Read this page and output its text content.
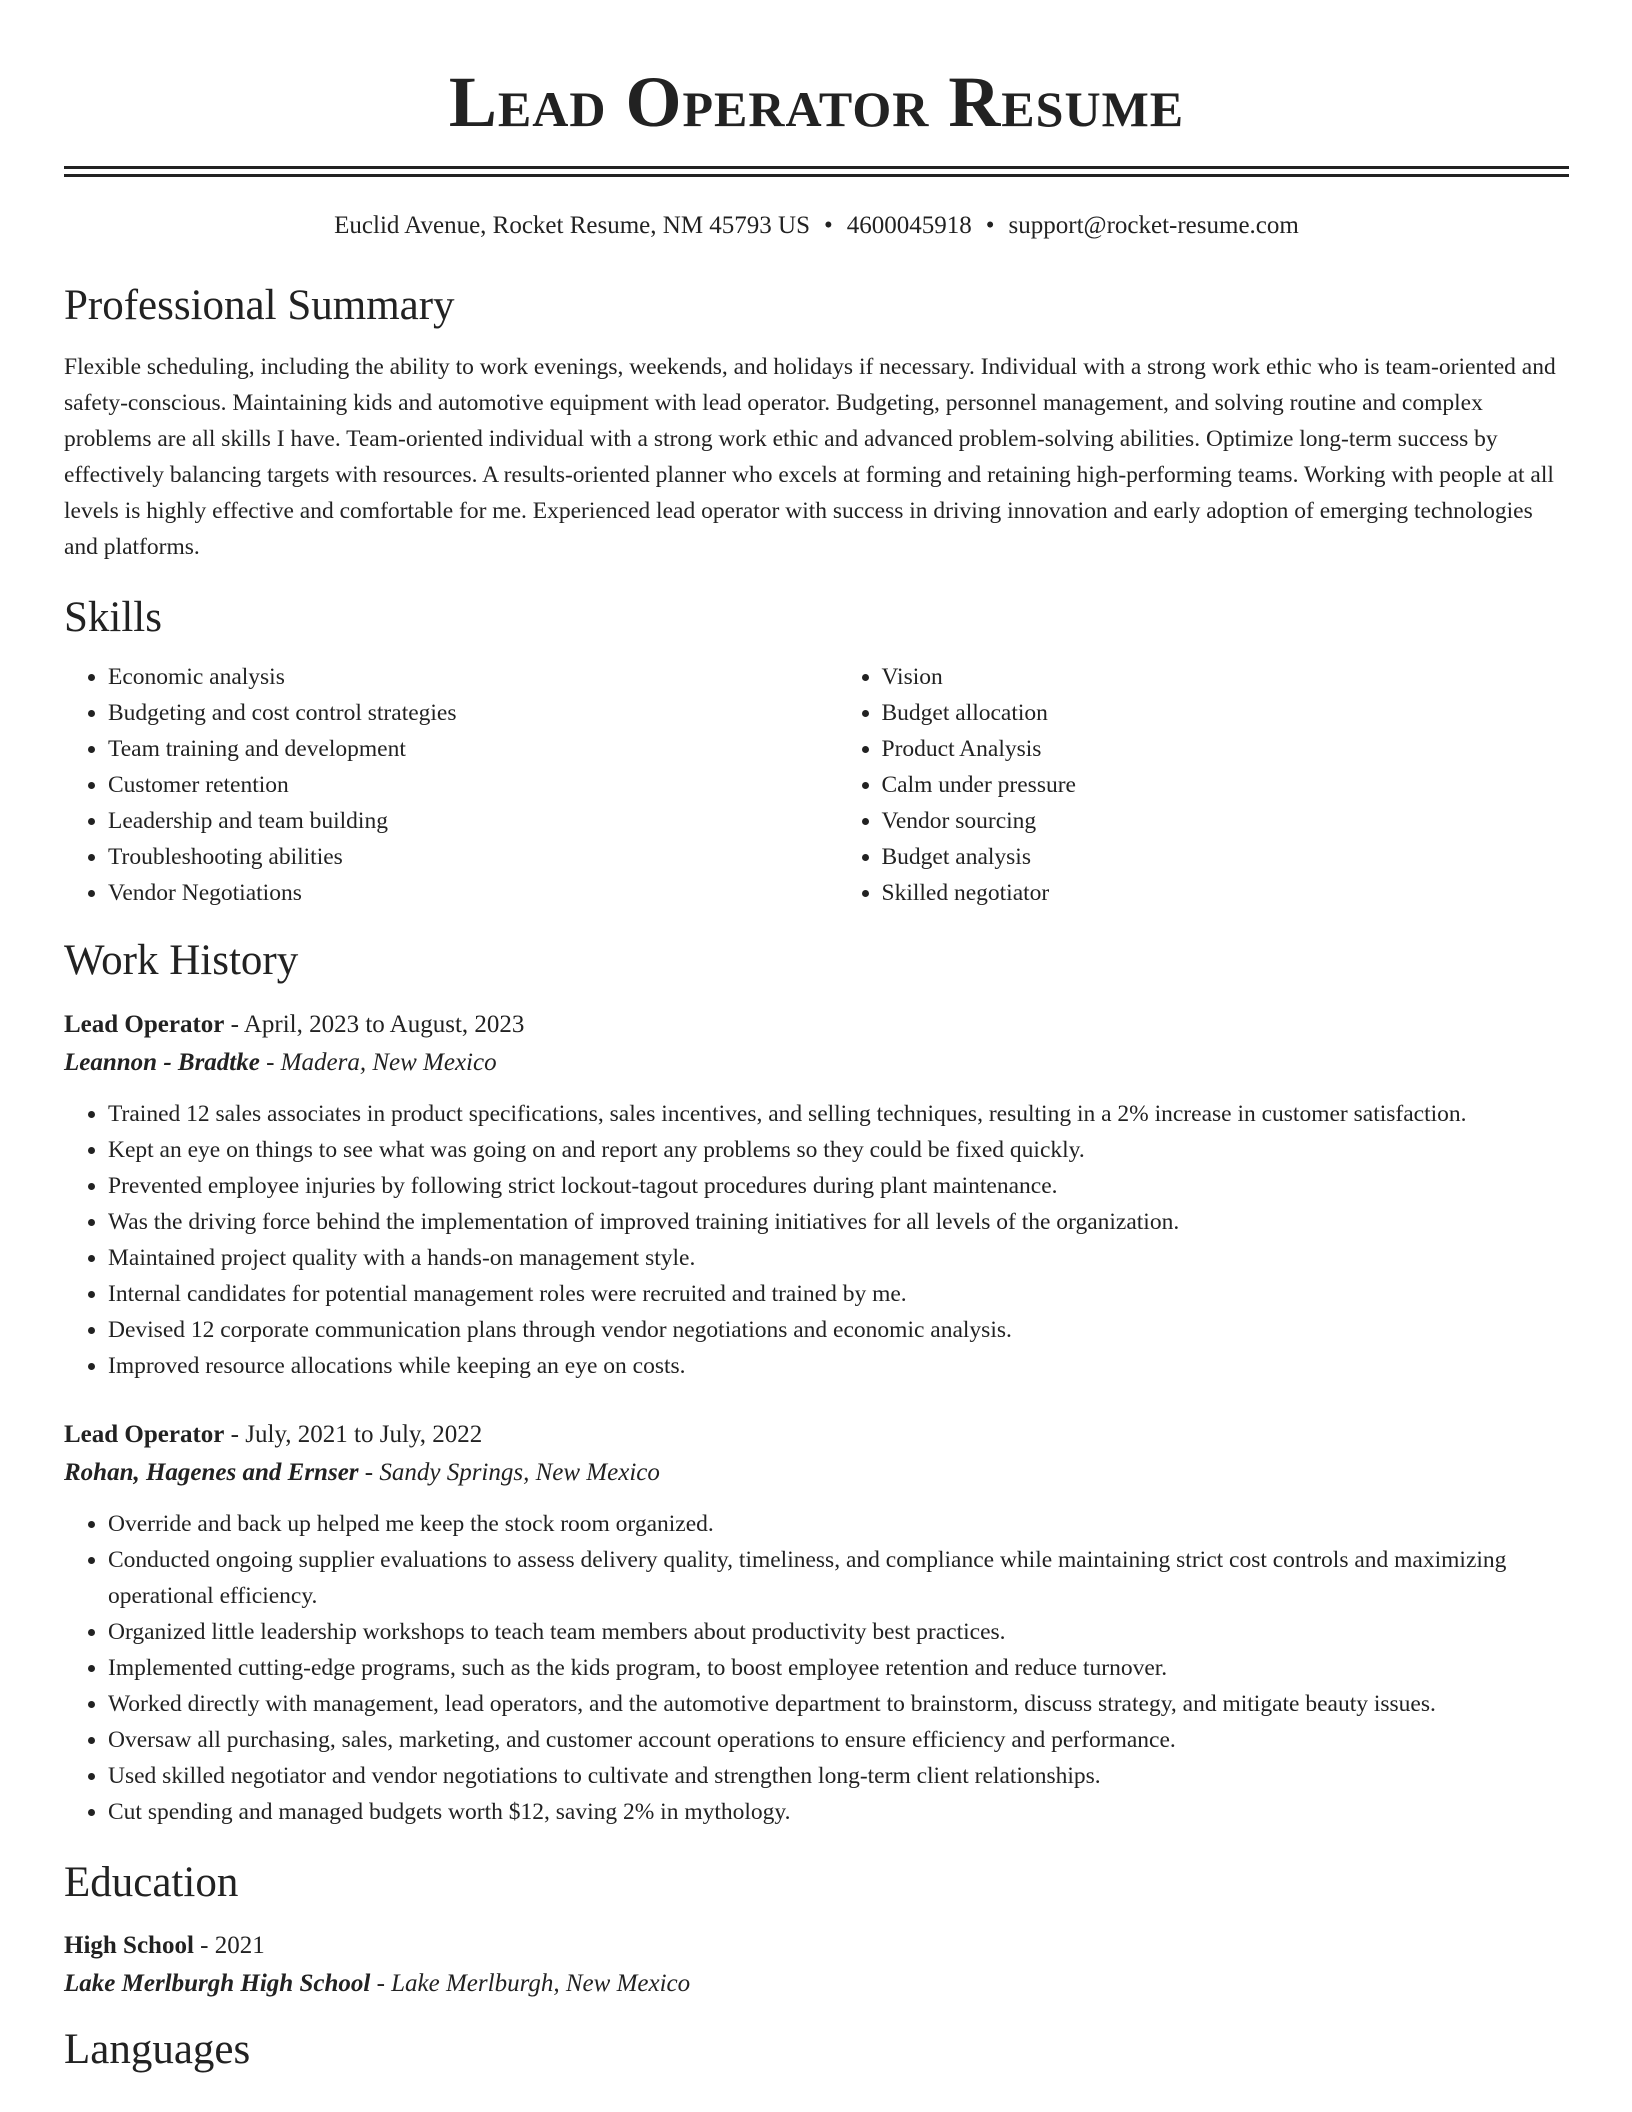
Lead Operator Resume
Euclid Avenue, Rocket Resume, NM 45793 US • 4600045918 • support@rocket-resume.com
Professional Summary

Flexible scheduling, including the ability to work evenings, weekends, and holidays if necessary. Individual with a strong work ethic who is team-oriented and safety-conscious. Maintaining kids and automotive equipment with lead operator. Budgeting, personnel management, and solving routine and complex problems are all skills I have. Team-oriented individual with a strong work ethic and advanced problem-solving abilities. Optimize long-term success by effectively balancing targets with resources. A results-oriented planner who excels at forming and retaining high-performing teams. Working with people at all levels is highly effective and comfortable for me. Experienced lead operator with success in driving innovation and early adoption of emerging technologies and platforms.

Skills
• Economic analysis
• Budgeting and cost control strategies
• Team training and development
• Customer retention
• Leadership and team building
• Troubleshooting abilities
• Vendor Negotiations
• Vision
• Budget allocation
• Product Analysis
• Calm under pressure
• Vendor sourcing
• Budget analysis
• Skilled negotiator
Work History

Lead Operator - April, 2023 to August, 2023

Leannon - Bradtke - Madera, New Mexico

• Trained 12 sales associates in product specifications, sales incentives, and selling techniques, resulting in a 2% increase in customer satisfaction.
• Kept an eye on things to see what was going on and report any problems so they could be fixed quickly.
• Prevented employee injuries by following strict lockout-tagout procedures during plant maintenance.
• Was the driving force behind the implementation of improved training initiatives for all levels of the organization.
• Maintained project quality with a hands-on management style.
• Internal candidates for potential management roles were recruited and trained by me.
• Devised 12 corporate communication plans through vendor negotiations and economic analysis.
• Improved resource allocations while keeping an eye on costs.

Lead Operator - July, 2021 to July, 2022

Rohan, Hagenes and Ernser - Sandy Springs, New Mexico

• Override and back up helped me keep the stock room organized.
• Conducted ongoing supplier evaluations to assess delivery quality, timeliness, and compliance while maintaining strict cost controls and maximizing operational efficiency.
• Organized little leadership workshops to teach team members about productivity best practices.
• Implemented cutting-edge programs, such as the kids program, to boost employee retention and reduce turnover.
• Worked directly with management, lead operators, and the automotive department to brainstorm, discuss strategy, and mitigate beauty issues.
• Oversaw all purchasing, sales, marketing, and customer account operations to ensure efficiency and performance.
• Used skilled negotiator and vendor negotiations to cultivate and strengthen long-term client relationships.
• Cut spending and managed budgets worth $12, saving 2% in mythology.
Education

High School - 2021

Lake Merlburgh High School - Lake Merlburgh, New Mexico

Languages
